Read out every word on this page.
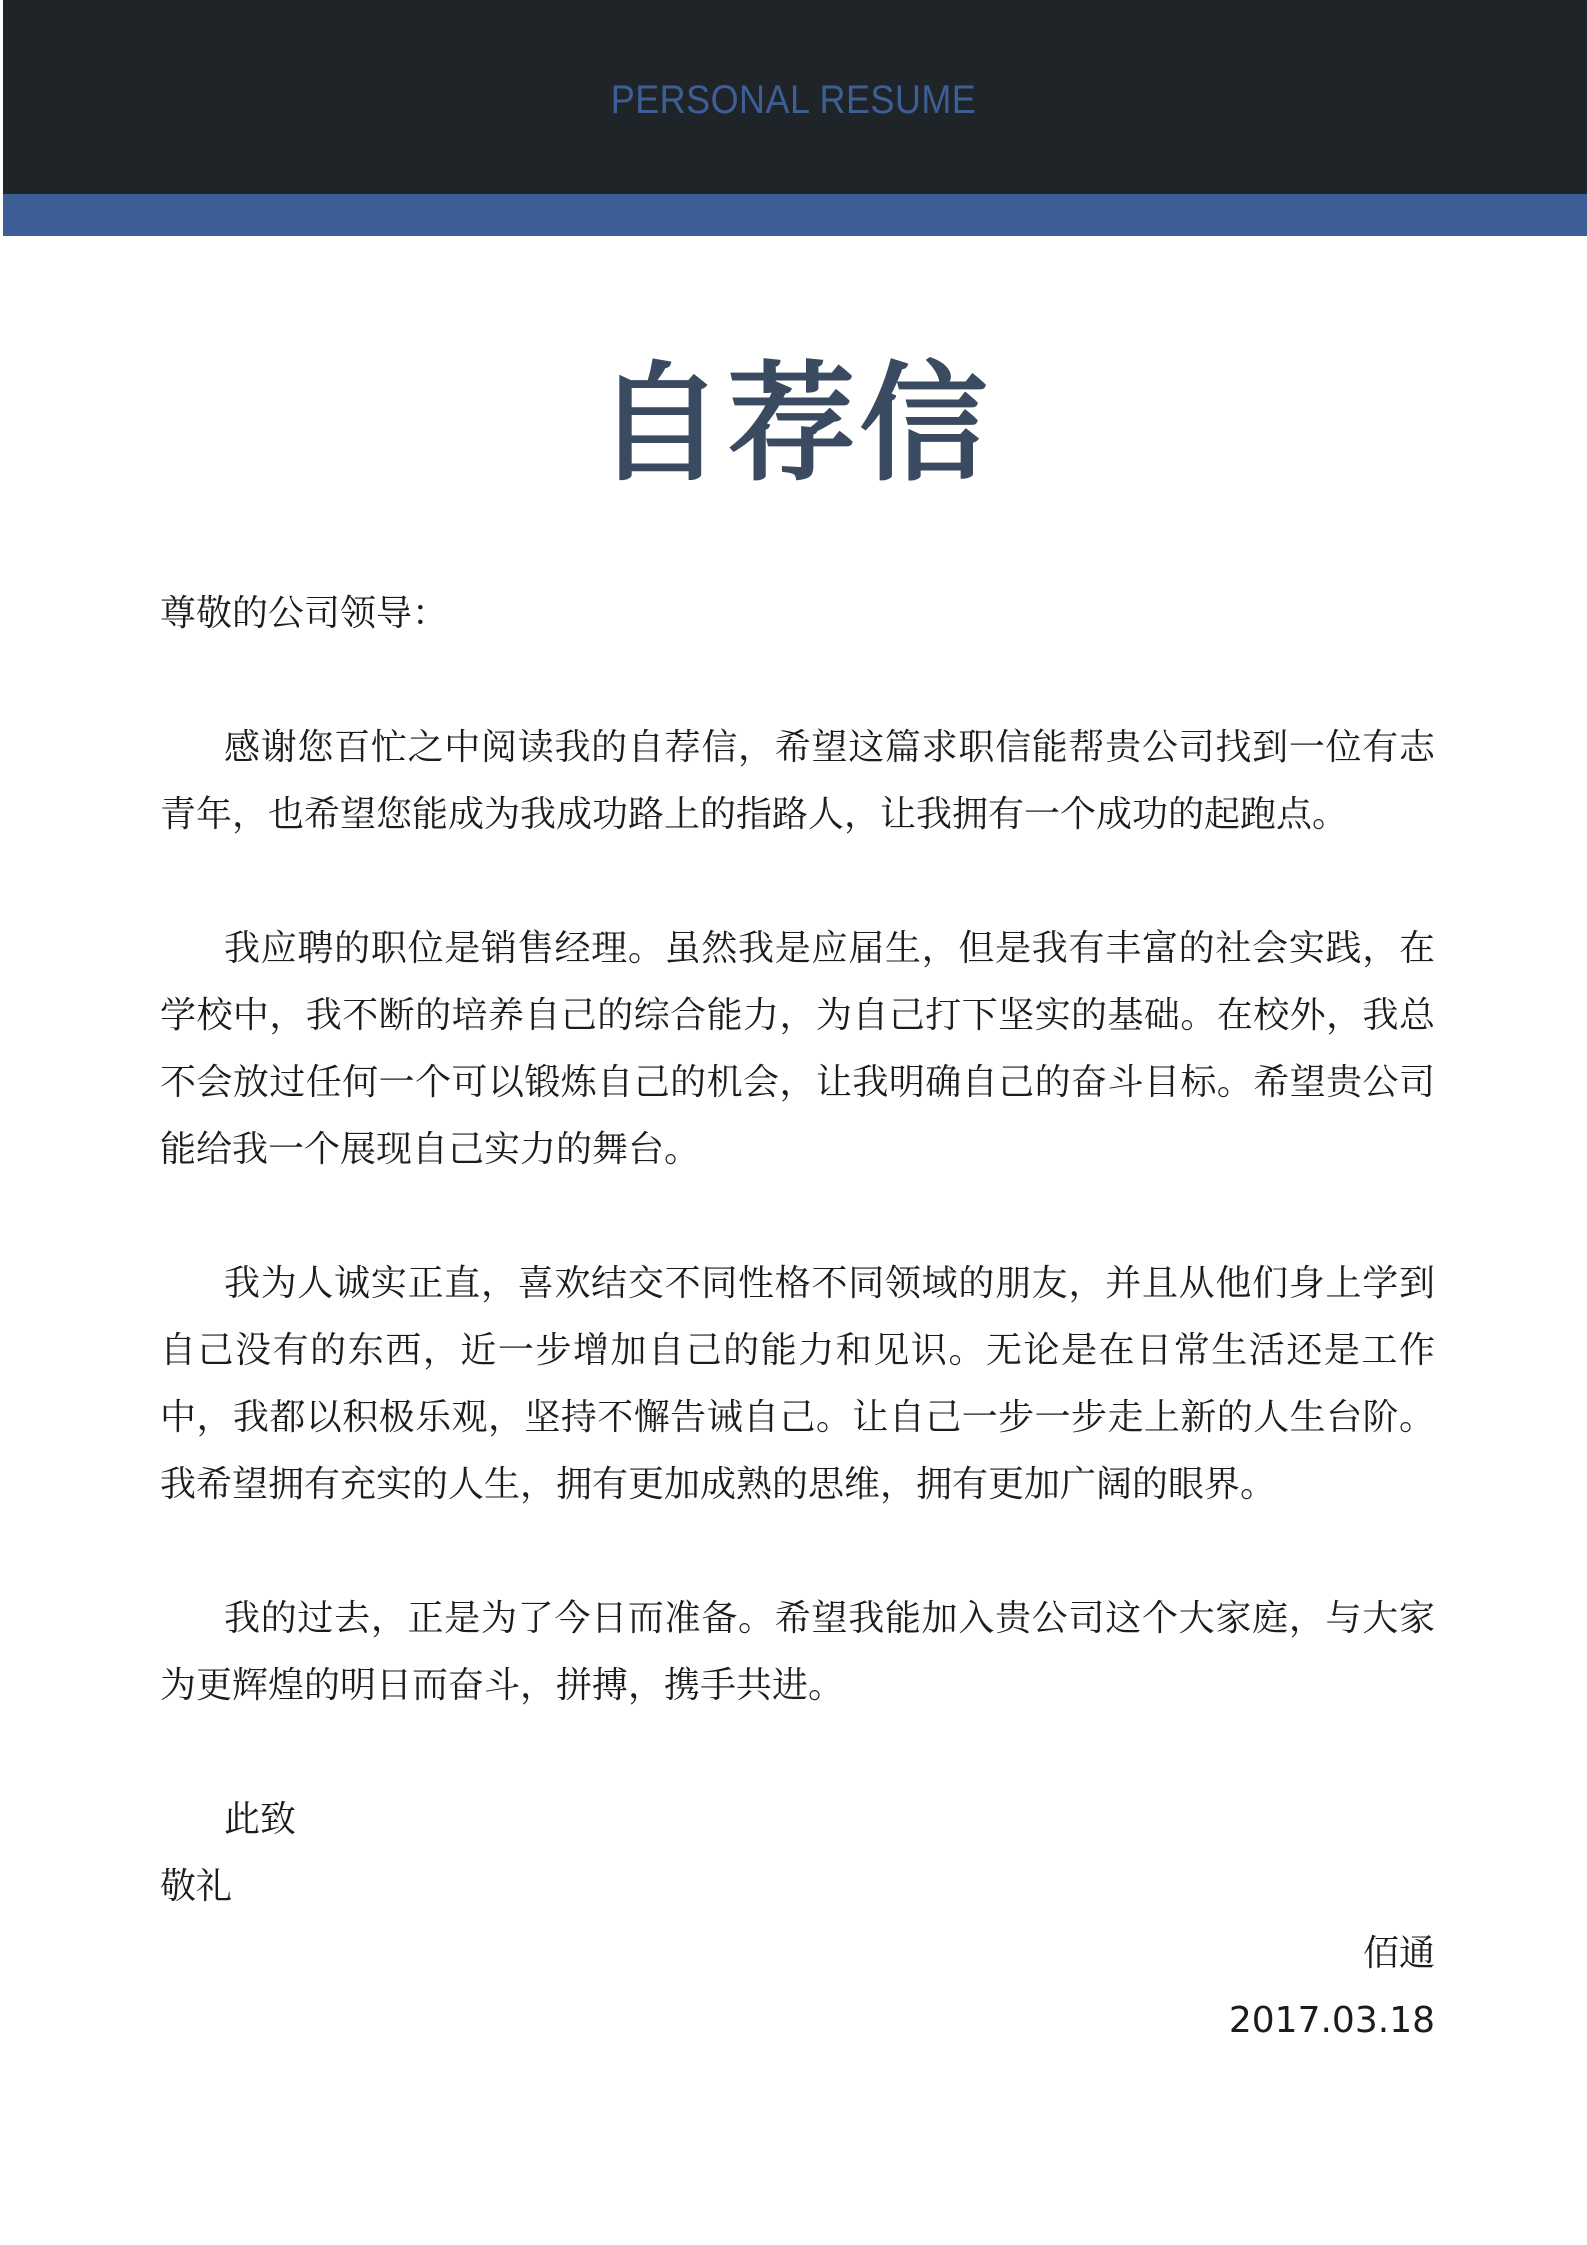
PERSONAL RESUME
自荐信

尊敬的公司领导：

感谢您百忙之中阅读我的自荐信，希望这篇求职信能帮贵公司找到一位有志青年，也希望您能成为我成功路上的指路人，让我拥有一个成功的起跑点。

我应聘的职位是销售经理。虽然我是应届生，但是我有丰富的社会实践，在学校中，我不断的培养自己的综合能力，为自己打下坚实的基础。在校外，我总不会放过任何一个可以锻炼自己的机会，让我明确自己的奋斗目标。希望贵公司能给我一个展现自己实力的舞台。

我为人诚实正直，喜欢结交不同性格不同领域的朋友，并且从他们身上学到自己没有的东西，近一步增加自己的能力和见识。无论是在日常生活还是工作中，我都以积极乐观，坚持不懈告诫自己。让自己一步一步走上新的人生台阶。我希望拥有充实的人生，拥有更加成熟的思维，拥有更加广阔的眼界。

我的过去，正是为了今日而准备。希望我能加入贵公司这个大家庭，与大家为更辉煌的明日而奋斗，拼搏，携手共进。

此致

敬礼

佰通

2017.03.18
